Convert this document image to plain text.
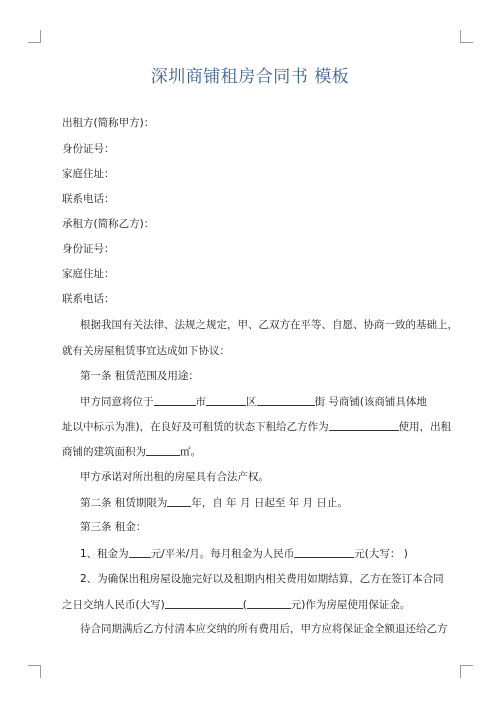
深圳商铺租房合同书 模板
出租方(简称甲方)：
身份证号：
家庭住址：
联系电话：
承租方(简称乙方)：
身份证号：
家庭住址：
联系电话：
根据我国有关法律、法规之规定，甲、乙双方在平等、自愿、协商一致的基础上，
就有关房屋租赁事宜达成如下协议：
第一条 租赁范围及用途：
甲方同意将位于	市	区	街 号商铺(该商铺具体地
址以中标示为准)，在良好及可租赁的状态下租给乙方作为	使用，出租
商铺的建筑面积为	㎡。
甲方承诺对所出租的房屋具有合法产权。
第二条 租赁期限为 年，自 年 月 日起至 年 月 日止。
第三条 租金：
1、租金为 元/平米/月。每月租金为人民币	元(大写： )
2、为确保出租房屋设施完好以及租期内相关费用如期结算，乙方在签订本合同
之日交纳人民币(大写)	(	元)作为房屋使用保证金。
待合同期满后乙方付清本应交纳的所有费用后，甲方应将保证金全额退还给乙方
